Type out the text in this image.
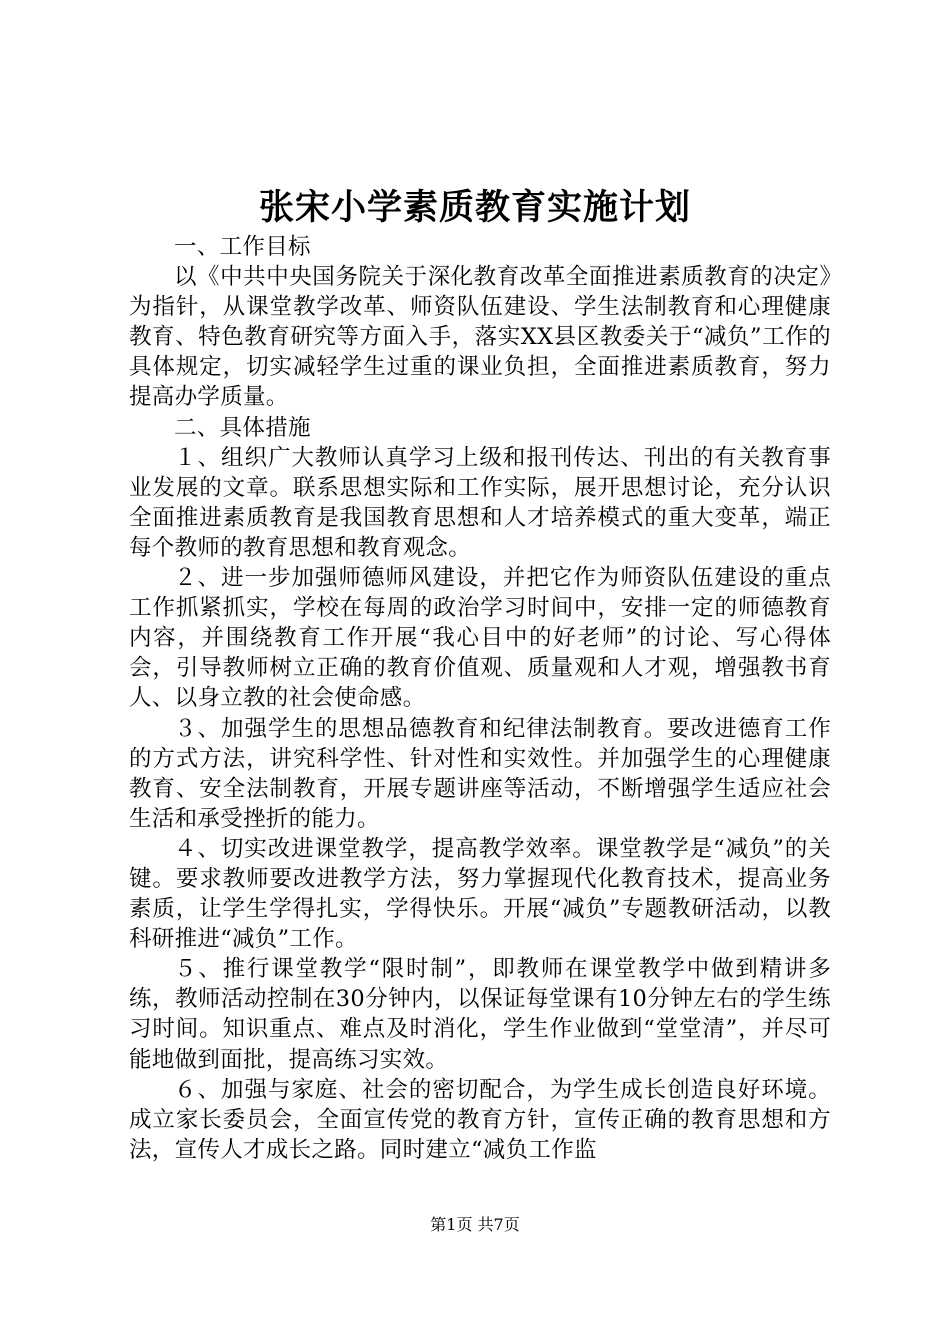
张宋小学素质教育实施计划

一、工作目标

以《中共中央国务院关于深化教育改革全面推进素质教育的决定》为指针，从课堂教学改革、师资队伍建设、学生法制教育和心理健康教育、特色教育研究等方面入手，落实XX县区教委关于“减负”工作的具体规定，切实减轻学生过重的课业负担，全面推进素质教育，努力提高办学质量。

二、具体措施

１、组织广大教师认真学习上级和报刊传达、刊出的有关教育事业发展的文章。联系思想实际和工作实际，展开思想讨论，充分认识全面推进素质教育是我国教育思想和人才培养模式的重大变革，端正每个教师的教育思想和教育观念。

２、进一步加强师德师风建设，并把它作为师资队伍建设的重点工作抓紧抓实，学校在每周的政治学习时间中，安排一定的师德教育内容，并围绕教育工作开展“我心目中的好老师”的讨论、写心得体会，引导教师树立正确的教育价值观、质量观和人才观，增强教书育人、以身立教的社会使命感。

３、加强学生的思想品德教育和纪律法制教育。要改进德育工作的方式方法，讲究科学性、针对性和实效性。并加强学生的心理健康教育、安全法制教育，开展专题讲座等活动，不断增强学生适应社会生活和承受挫折的能力。

４、切实改进课堂教学，提高教学效率。课堂教学是“减负”的关键。要求教师要改进教学方法，努力掌握现代化教育技术，提高业务素质，让学生学得扎实，学得快乐。开展“减负”专题教研活动，以教科研推进“减负”工作。

５、推行课堂教学“限时制”，即教师在课堂教学中做到精讲多练，教师活动控制在30分钟内，以保证每堂课有10分钟左右的学生练习时间。知识重点、难点及时消化，学生作业做到“堂堂清”，并尽可能地做到面批，提高练习实效。

６、加强与家庭、社会的密切配合，为学生成长创造良好环境。成立家长委员会，全面宣传党的教育方针，宣传正确的教育思想和方法，宣传人才成长之路。同时建立“减负工作监

第1页 共7页
